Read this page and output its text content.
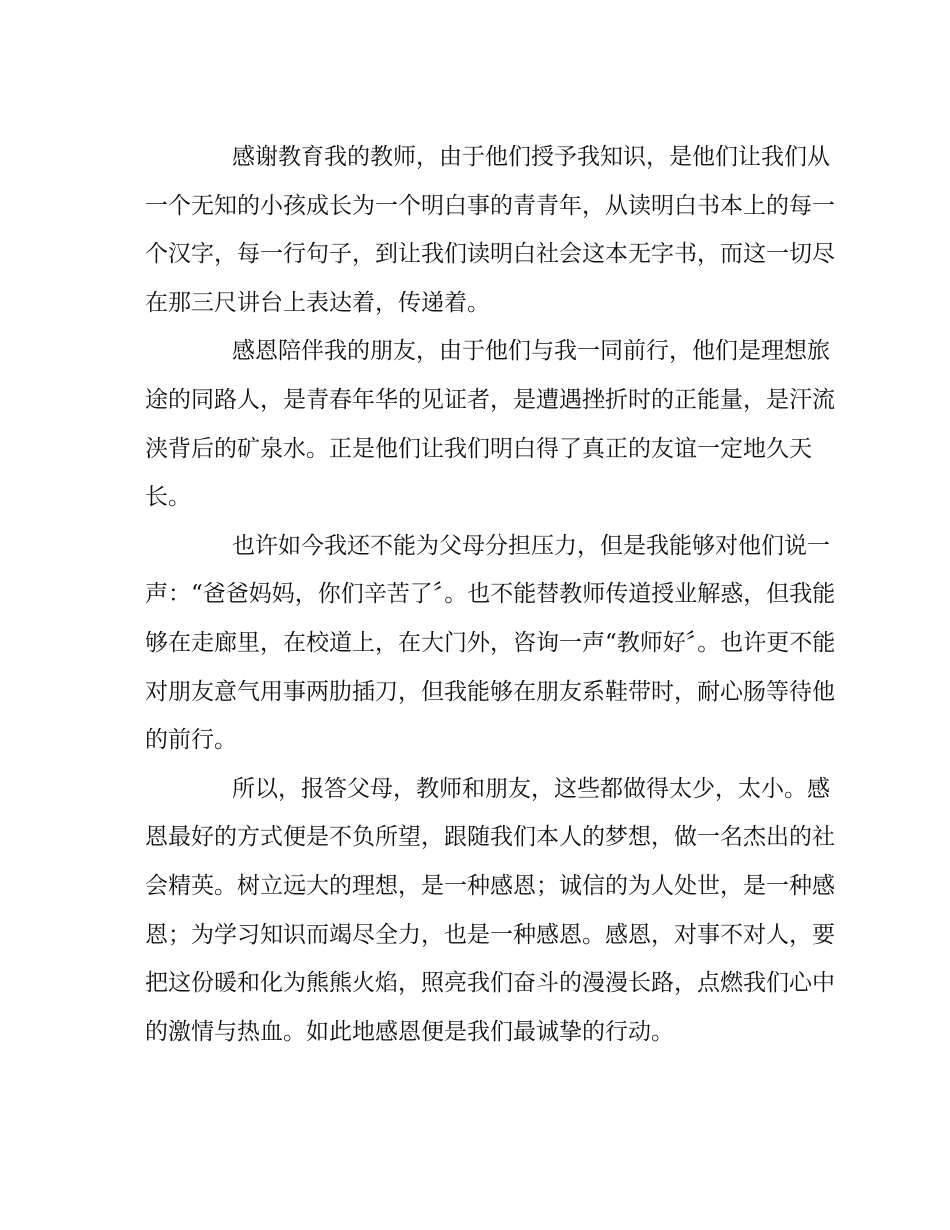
感谢教育我的教师，由于他们授予我知识，是他们让我们从
一个无知的小孩成长为一个明白事的青青年，从读明白书本上的每一
个汉字，每一行句子，到让我们读明白社会这本无字书，而这一切尽
在那三尺讲台上表达着，传递着。
感恩陪伴我的朋友，由于他们与我一同前行，他们是理想旅
途的同路人，是青春年华的见证者，是遭遇挫折时的正能量，是汗流
浃背后的矿泉水。正是他们让我们明白得了真正的友谊一定地久天
长。
也许如今我还不能为父母分担压力，但是我能够对他们说一
声：“爸爸妈妈，你们辛苦了〞。也不能替教师传道授业解惑，但我能
够在走廊里，在校道上，在大门外，咨询一声“教师好〞。也许更不能
对朋友意气用事两肋插刀，但我能够在朋友系鞋带时，耐心肠等待他
的前行。
所以，报答父母，教师和朋友，这些都做得太少，太小。感
恩最好的方式便是不负所望，跟随我们本人的梦想，做一名杰出的社
会精英。树立远大的理想，是一种感恩；诚信的为人处世，是一种感
恩；为学习知识而竭尽全力，也是一种感恩。感恩，对事不对人，要
把这份暖和化为熊熊火焰，照亮我们奋斗的漫漫长路，点燃我们心中
的激情与热血。如此地感恩便是我们最诚挚的行动。
